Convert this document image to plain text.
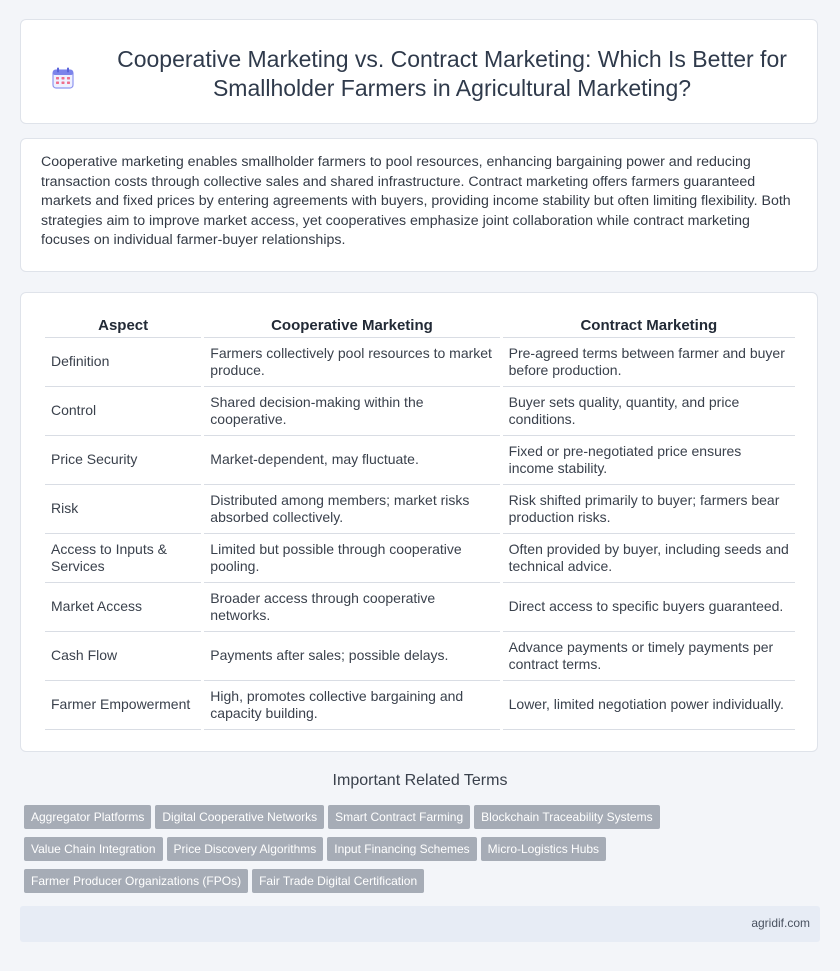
Cooperative Marketing vs. Contract Marketing: Which Is Better for Smallholder Farmers in Agricultural Marketing?

Cooperative marketing enables smallholder farmers to pool resources, enhancing bargaining power and reducing transaction costs through collective sales and shared infrastructure. Contract marketing offers farmers guaranteed markets and fixed prices by entering agreements with buyers, providing income stability but often limiting flexibility. Both strategies aim to improve market access, yet cooperatives emphasize joint collaboration while contract marketing focuses on individual farmer-buyer relationships.

Aspect	Cooperative Marketing	Contract Marketing
Definition	Farmers collectively pool resources to market produce.	Pre-agreed terms between farmer and buyer before production.
Control	Shared decision-making within the cooperative.	Buyer sets quality, quantity, and price conditions.
Price Security	Market-dependent, may fluctuate.	Fixed or pre-negotiated price ensures income stability.
Risk	Distributed among members; market risks absorbed collectively.	Risk shifted primarily to buyer; farmers bear production risks.
Access to Inputs & Services	Limited but possible through cooperative pooling.	Often provided by buyer, including seeds and technical advice.
Market Access	Broader access through cooperative networks.	Direct access to specific buyers guaranteed.
Cash Flow	Payments after sales; possible delays.	Advance payments or timely payments per contract terms.
Farmer Empowerment	High, promotes collective bargaining and capacity building.	Lower, limited negotiation power individually.
Important Related Terms
Aggregator Platforms	Digital Cooperative Networks	Smart Contract Farming	Blockchain Traceability Systems
Value Chain Integration	Price Discovery Algorithms	Input Financing Schemes	Micro-Logistics Hubs
Farmer Producer Organizations (FPOs)	Fair Trade Digital Certification
agridif.com
